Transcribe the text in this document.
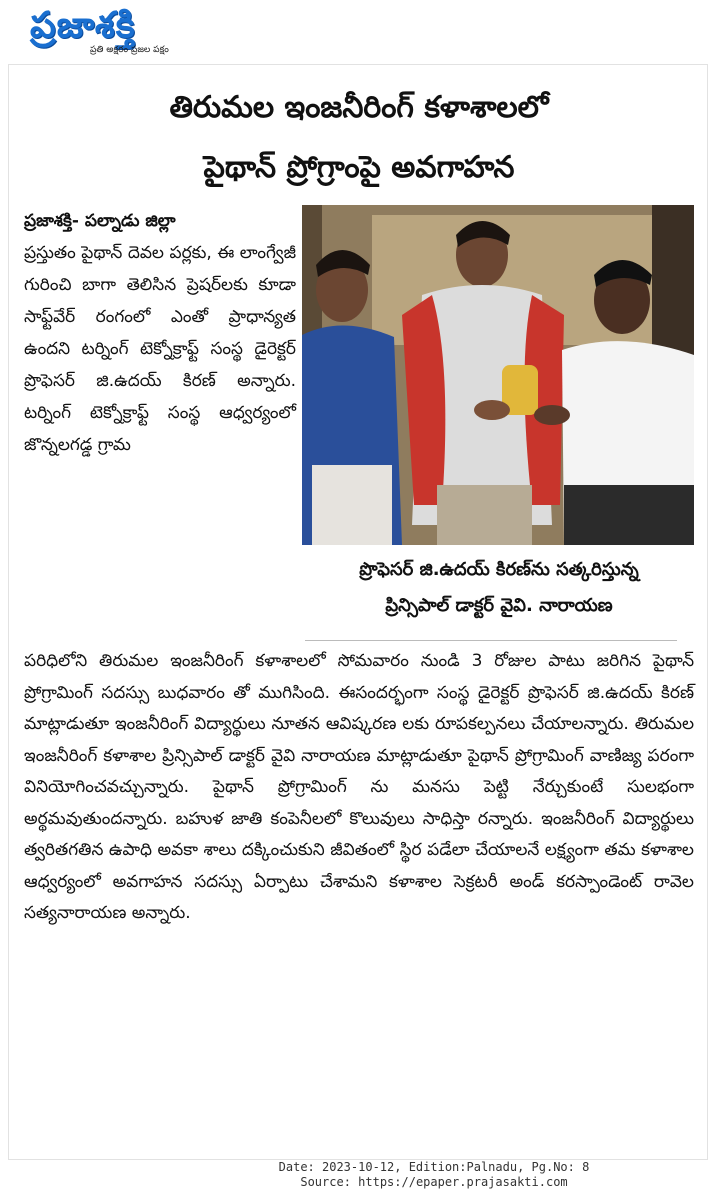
ప్రజాశక్తి
ప్రతి అక్షరం ప్రజల పక్షం
తిరుమల ఇంజనీరింగ్ కళాశాలలో
పైథాన్ ప్రోగ్రాంపై అవగాహన
ప్రజాశక్తి- పల్నాడు జిల్లా
ప్రస్తుతం పైథాన్ దెవల పర్లకు, ఈ లాంగ్వేజీ గురించి బాగా తెలిసిన ప్రెషర్‌లకు కూడా సాఫ్ట్‌వేర్ రంగంలో ఎంతో ప్రాధాన్యత ఉందని టర్నింగ్ టెక్నోక్రాఫ్ట్ సంస్థ డైరెక్టర్ ప్రొఫెసర్ జి.ఉదయ్ కిరణ్ అన్నారు. టర్నింగ్ టెక్నోక్రాఫ్ట్ సంస్థ ఆధ్వర్యంలో జొన్నలగడ్డ గ్రామ
ప్రొఫెసర్ జి.ఉదయ్ కిరణ్‌ను సత్కరిస్తున్న
ప్రిన్సిపాల్ డాక్టర్ వైవి. నారాయణ
పరిధిలోని తిరుమల ఇంజనీరింగ్ కళాశాలలో సోమవారం నుండి 3 రోజుల పాటు జరిగిన పైథాన్ ప్రోగ్రామింగ్ సదస్సు బుధవారం తో ముగిసింది. ఈసందర్భంగా సంస్థ డైరెక్టర్ ప్రొఫెసర్ జి.ఉదయ్ కిరణ్ మాట్లాడుతూ ఇంజనీరింగ్ విద్యార్థులు నూతన ఆవిష్కరణ లకు రూపకల్పనలు చేయాలన్నారు. తిరుమల ఇంజనీరింగ్ కళాశాల ప్రిన్సిపాల్ డాక్టర్ వైవి నారాయణ మాట్లాడుతూ పైథాన్ ప్రోగ్రామింగ్ వాణిజ్య పరంగా వినియోగించవచ్చున్నారు. పైథాన్ ప్రోగ్రామింగ్ ను మనసు పెట్టి నేర్చుకుంటే సులభంగా అర్థమవుతుందన్నారు. బహుళ జాతి కంపెనీలలో కొలువులు సాధిస్తా రన్నారు. ఇంజనీరింగ్ విద్యార్థులు త్వరితగతిన ఉపాధి అవకా శాలు దక్కించుకుని జీవితంలో స్థిర పడేలా చేయాలనే లక్ష్యంగా తమ కళాశాల ఆధ్వర్యంలో అవగాహన సదస్సు ఏర్పాటు చేశామని కళాశాల సెక్రటరీ అండ్ కరస్పాండెంట్ రావెల సత్యనారాయణ అన్నారు.
Date: 2023-10-12, Edition:Palnadu, Pg.No: 8
Source: https://epaper.prajasakti.com
